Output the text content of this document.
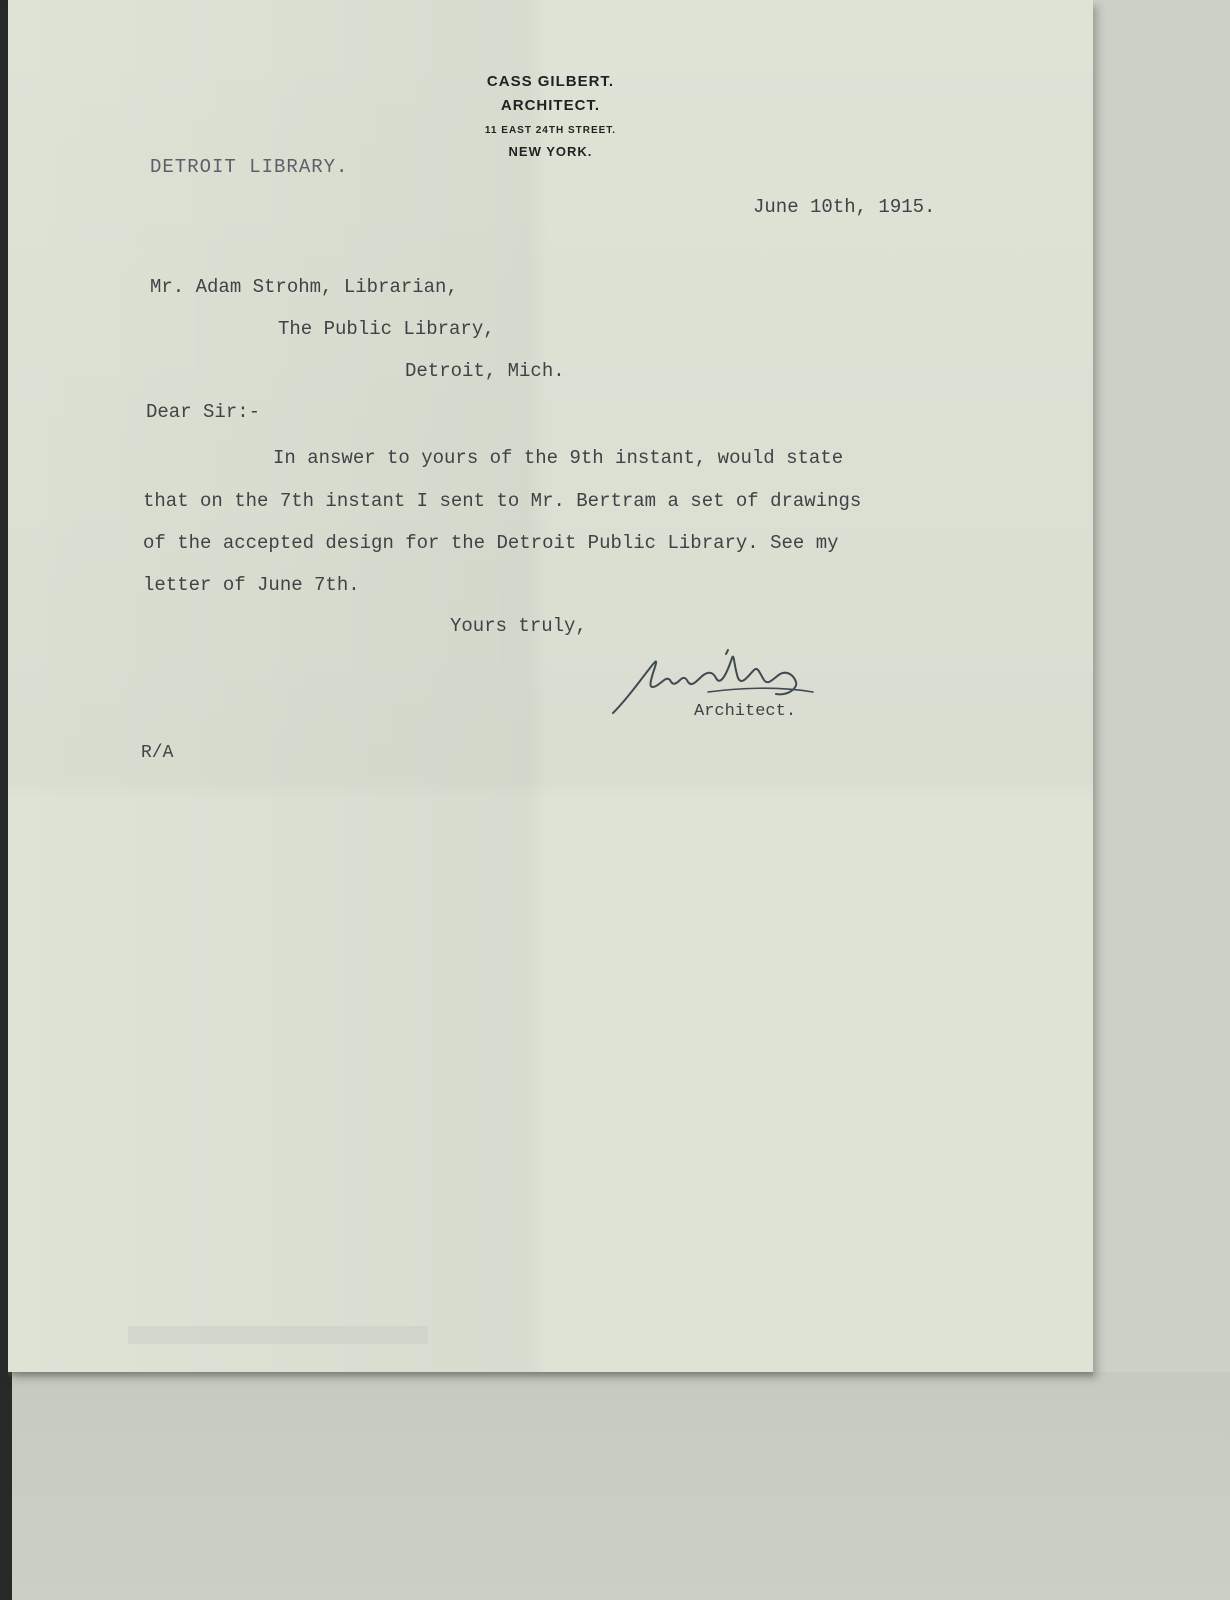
CASS GILBERT.
ARCHITECT.
11 EAST 24TH STREET.
NEW YORK.
DETROIT LIBRARY.
June 10th, 1915.
Mr. Adam Strohm, Librarian,
The Public Library,
Detroit, Mich.
Dear Sir:-
In answer to yours of the 9th instant, would state
that on the 7th instant I sent to Mr. Bertram a set of drawings
of the accepted design for the Detroit Public Library. See my
letter of June 7th.
Yours truly,
Architect.
R/A
